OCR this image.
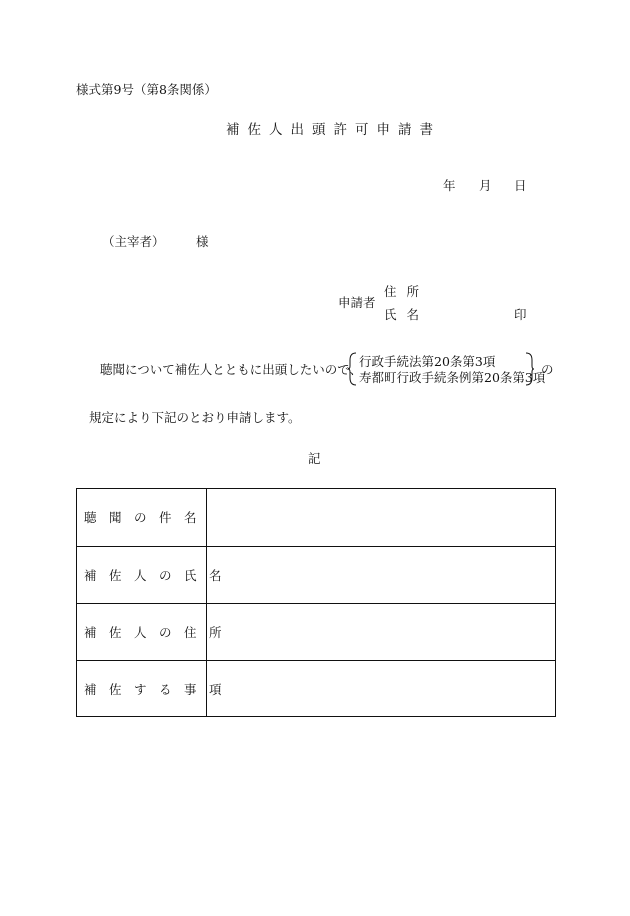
様式第9号（第8条関係）
補佐人出頭許可申請書
年 月 日
（主宰者）	様
申請者
住所
氏名	印
聴聞について補佐人とともに出頭したいので、
行政手続法第20条第3項
寿都町行政手続条例第20条第3項
の
規定により下記のとおり申請します。
記
聴　聞　の　件　名
補　佐　人　の　氏　名
補　佐　人　の　住　所
補　佐　す　る　事　項
